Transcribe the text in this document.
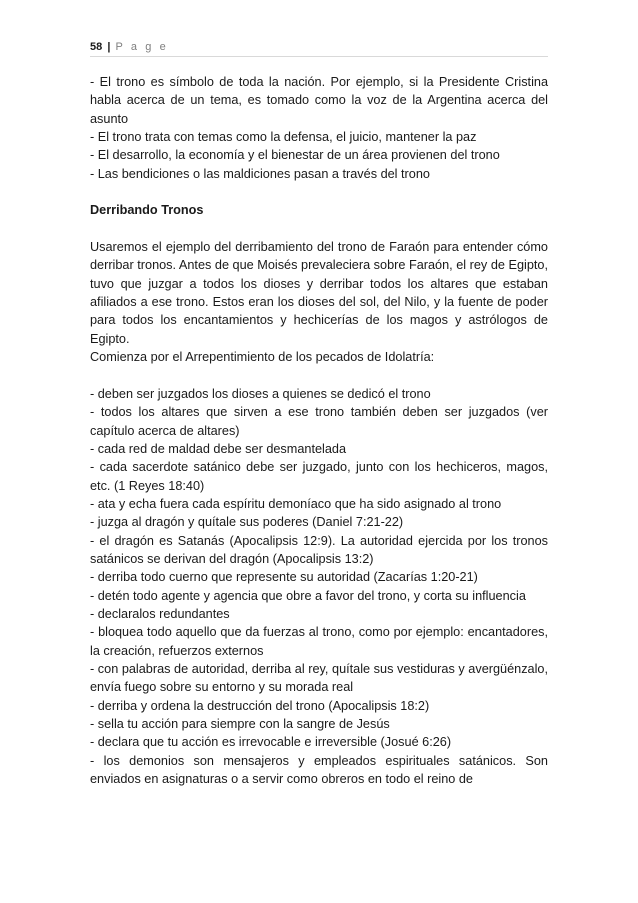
58 | P a g e

- El trono es símbolo de toda la nación. Por ejemplo, si la Presidente Cristina habla acerca de un tema, es tomado como la voz de la Argentina acerca del asunto

- El trono trata con temas como la defensa, el juicio, mantener la paz

- El desarrollo, la economía y el bienestar de un área provienen del trono

- Las bendiciones o las maldiciones pasan a través del trono

Derribando Tronos

Usaremos el ejemplo del derribamiento del trono de Faraón para entender cómo derribar tronos. Antes de que Moisés prevaleciera sobre Faraón, el rey de Egipto, tuvo que juzgar a todos los dioses y derribar todos los altares que estaban afiliados a ese trono. Estos eran los dioses del sol, del Nilo, y la fuente de poder para todos los encantamientos y hechicerías de los magos y astrólogos de Egipto.

Comienza por el Arrepentimiento de los pecados de Idolatría:

- deben ser juzgados los dioses a quienes se dedicó el trono

- todos los altares que sirven a ese trono también deben ser juzgados (ver capítulo acerca de altares)

- cada red de maldad debe ser desmantelada

- cada sacerdote satánico debe ser juzgado, junto con los hechiceros, magos, etc. (1 Reyes 18:40)

- ata y echa fuera cada espíritu demoníaco que ha sido asignado al trono

- juzga al dragón y quítale sus poderes (Daniel 7:21-22)

- el dragón es Satanás (Apocalipsis 12:9). La autoridad ejercida por los tronos satánicos se derivan del dragón (Apocalipsis 13:2)

- derriba todo cuerno que represente su autoridad (Zacarías 1:20-21)

- detén todo agente y agencia que obre a favor del trono, y corta su influencia

- declaralos redundantes

- bloquea todo aquello que da fuerzas al trono, como por ejemplo: encantadores, la creación, refuerzos externos

- con palabras de autoridad, derriba al rey, quítale sus vestiduras y avergüénzalo, envía fuego sobre su entorno y su morada real

- derriba y ordena la destrucción del trono (Apocalipsis 18:2)

- sella tu acción para siempre con la sangre de Jesús

- declara que tu acción es irrevocable e irreversible (Josué 6:26)

- los demonios son mensajeros y empleados espirituales satánicos. Son enviados en asignaturas o a servir como obreros en todo el reino de
